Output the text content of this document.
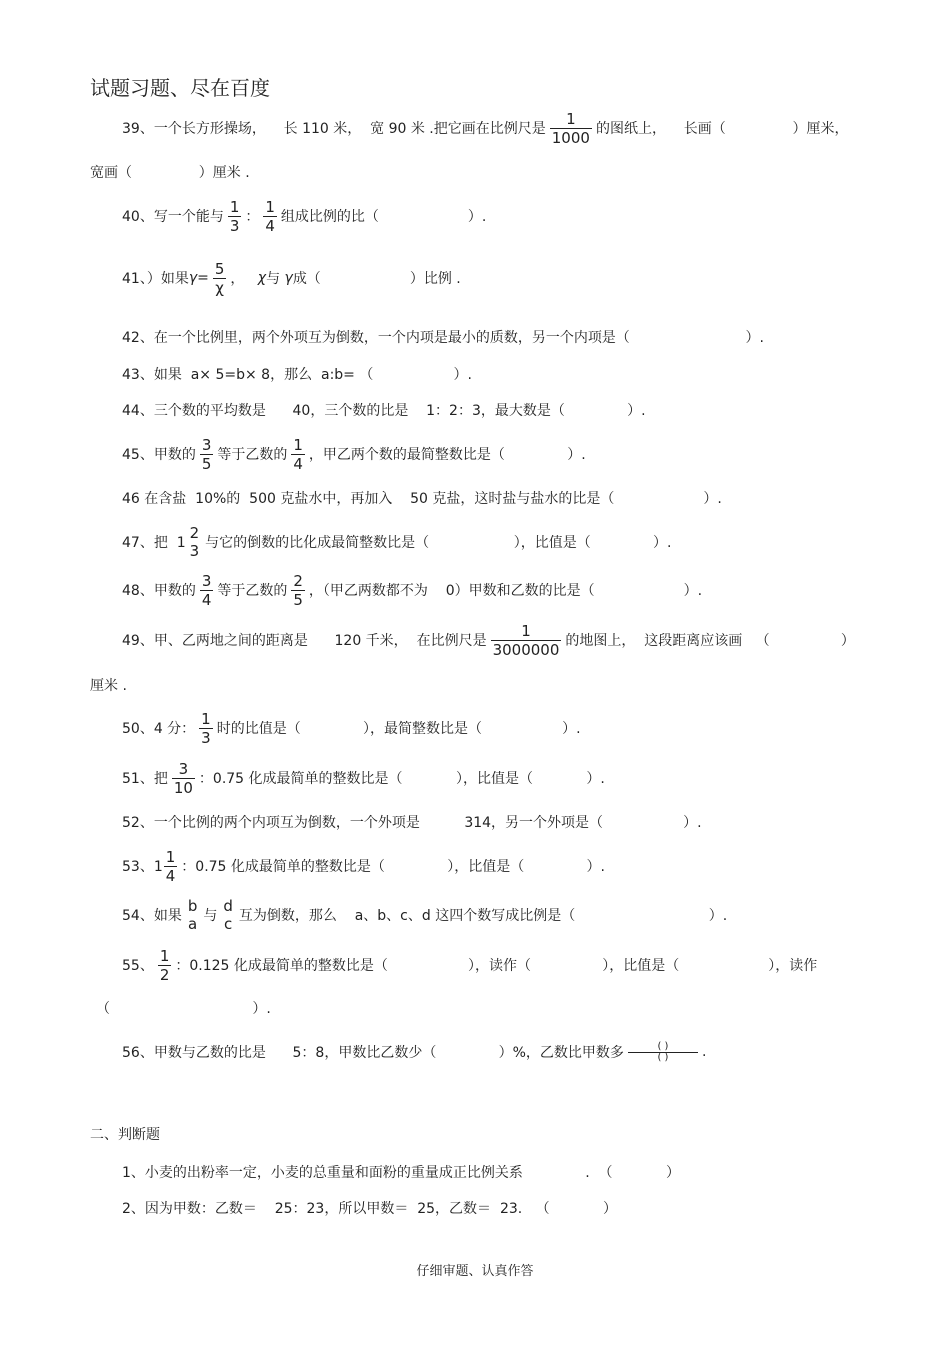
试题习题、尽在百度
39、一个长方形操场，    长 110 米，  宽 90 米 .把它画在比例尺是 $\frac{1}{1000}$ 的图纸上，    长画（               ）厘米，
宽画（               ）厘米 .
40、写一个能与 $\frac{1}{3}$ ： $\frac{1}{4}$ 组成比例的比（                    ）.
41、）如果 $\gamma = \frac{5}{\chi}$ ， χ 与 γ 成（                    ）比例 .
42、在一个比例里，两个外项互为倒数，一个内项是最小的质数，另一个内项是（                          ）.
43、如果  a× 5=b× 8，那么  a:b= （                  ）.
44、三个数的平均数是      40，三个数的比是    1：2：3，最大数是（              ）.
45、甲数的 $\frac{3}{5}$ 等于乙数的 $\frac{1}{4}$ ，甲乙两个数的最简整数比是（              ）.
46 在含盐  10%的  500 克盐水中，再加入    50 克盐，这时盐与盐水的比是（                    ）.
47、把  1
2
3 与它的倒数的比化成最简整数比是（                   ），比值是（              ）.
48、甲数的 $\frac{3}{4}$ 等于乙数的 $\frac{2}{5}$ ，（甲乙两数都不为    0）甲数和乙数的比是（                    ）.
49、甲、乙两地之间的距离是      120 千米，  在比例尺是 $\frac{1}{3000000}$ 的地图上，  这段距离应该画   （                ）
厘米 .
50、4 分： $\frac{1}{3}$ 时的比值是（              ），最简整数比是（                  ）.
51、把 $\frac{3}{10}$ ：0.75 化成最简单的整数比是（            ），比值是（            ）.
52、一个比例的两个内项互为倒数，一个外项是          314，另一个外项是（                  ）.
53、$1 \frac{1}{4}$ ：0.75 化成最简单的整数比是（              ），比值是（              ）.
54、如果
b
a 与
d
c 互为倒数，那么    a、b、c、d 这四个数写成比例是（                              ）.
55、 $\frac{1}{2}$ ：0.125 化成最简单的整数比是（                  ），读作（                ），比值是（                    ），读作
（                                ）.
56、甲数与乙数的比是      5：8，甲数比乙数少（              ）%，乙数比甲数多 $\frac{( )}{( )}$ .
二、判断题
1、小麦的出粉率一定，小麦的总重量和面粉的重量成正比例关系              .  （            ）
2、因为甲数：乙数＝    25：23，所以甲数＝  25，乙数＝  23.   （            ）
仔细审题、认真作答
